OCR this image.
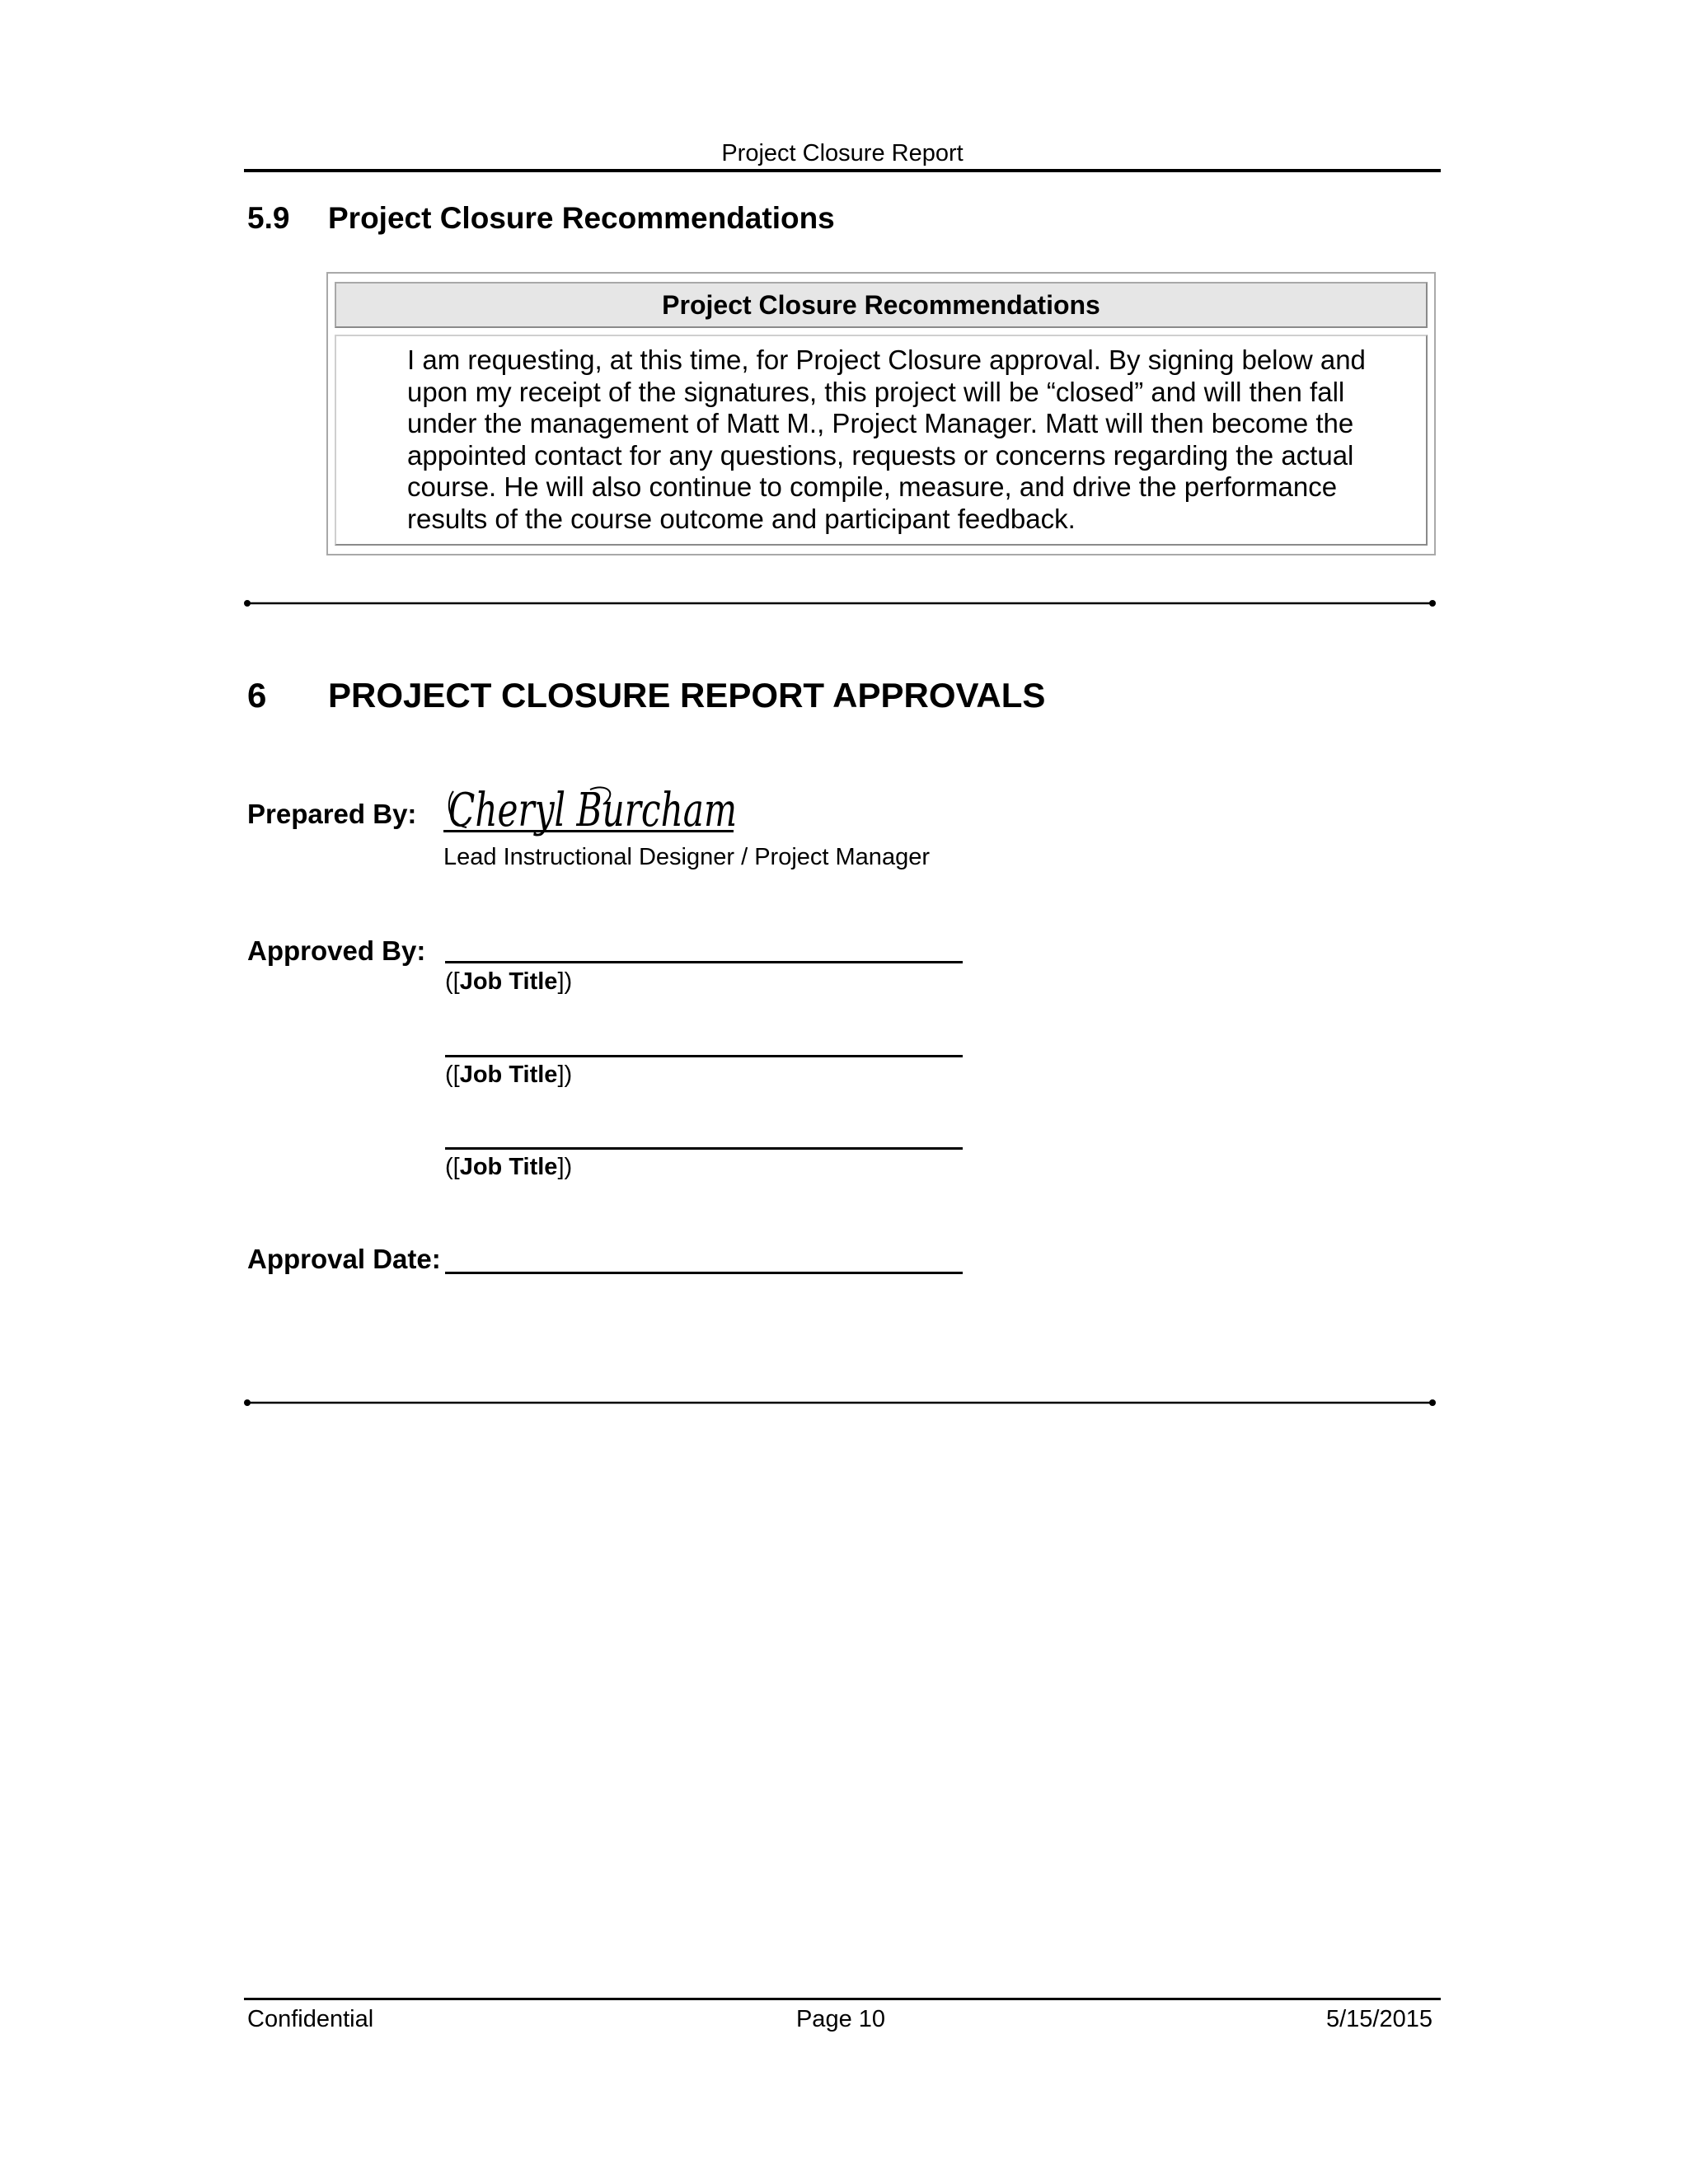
Project Closure Report
5.9 Project Closure Recommendations
Project Closure Recommendations
I am requesting, at this time, for Project Closure approval. By signing below and upon my receipt of the signatures, this project will be “closed” and will then fall under the management of Matt M., Project Manager. Matt will then become the appointed contact for any questions, requests or concerns regarding the actual course. He will also continue to compile, measure, and drive the performance results of the course outcome and participant feedback.
6 PROJECT CLOSURE REPORT APPROVALS
Prepared By: Cheryl Burcham
Lead Instructional Designer / Project Manager
Approved By:
([Job Title])
([Job Title])
([Job Title])
Approval Date:
Confidential	Page 10	5/15/2015
